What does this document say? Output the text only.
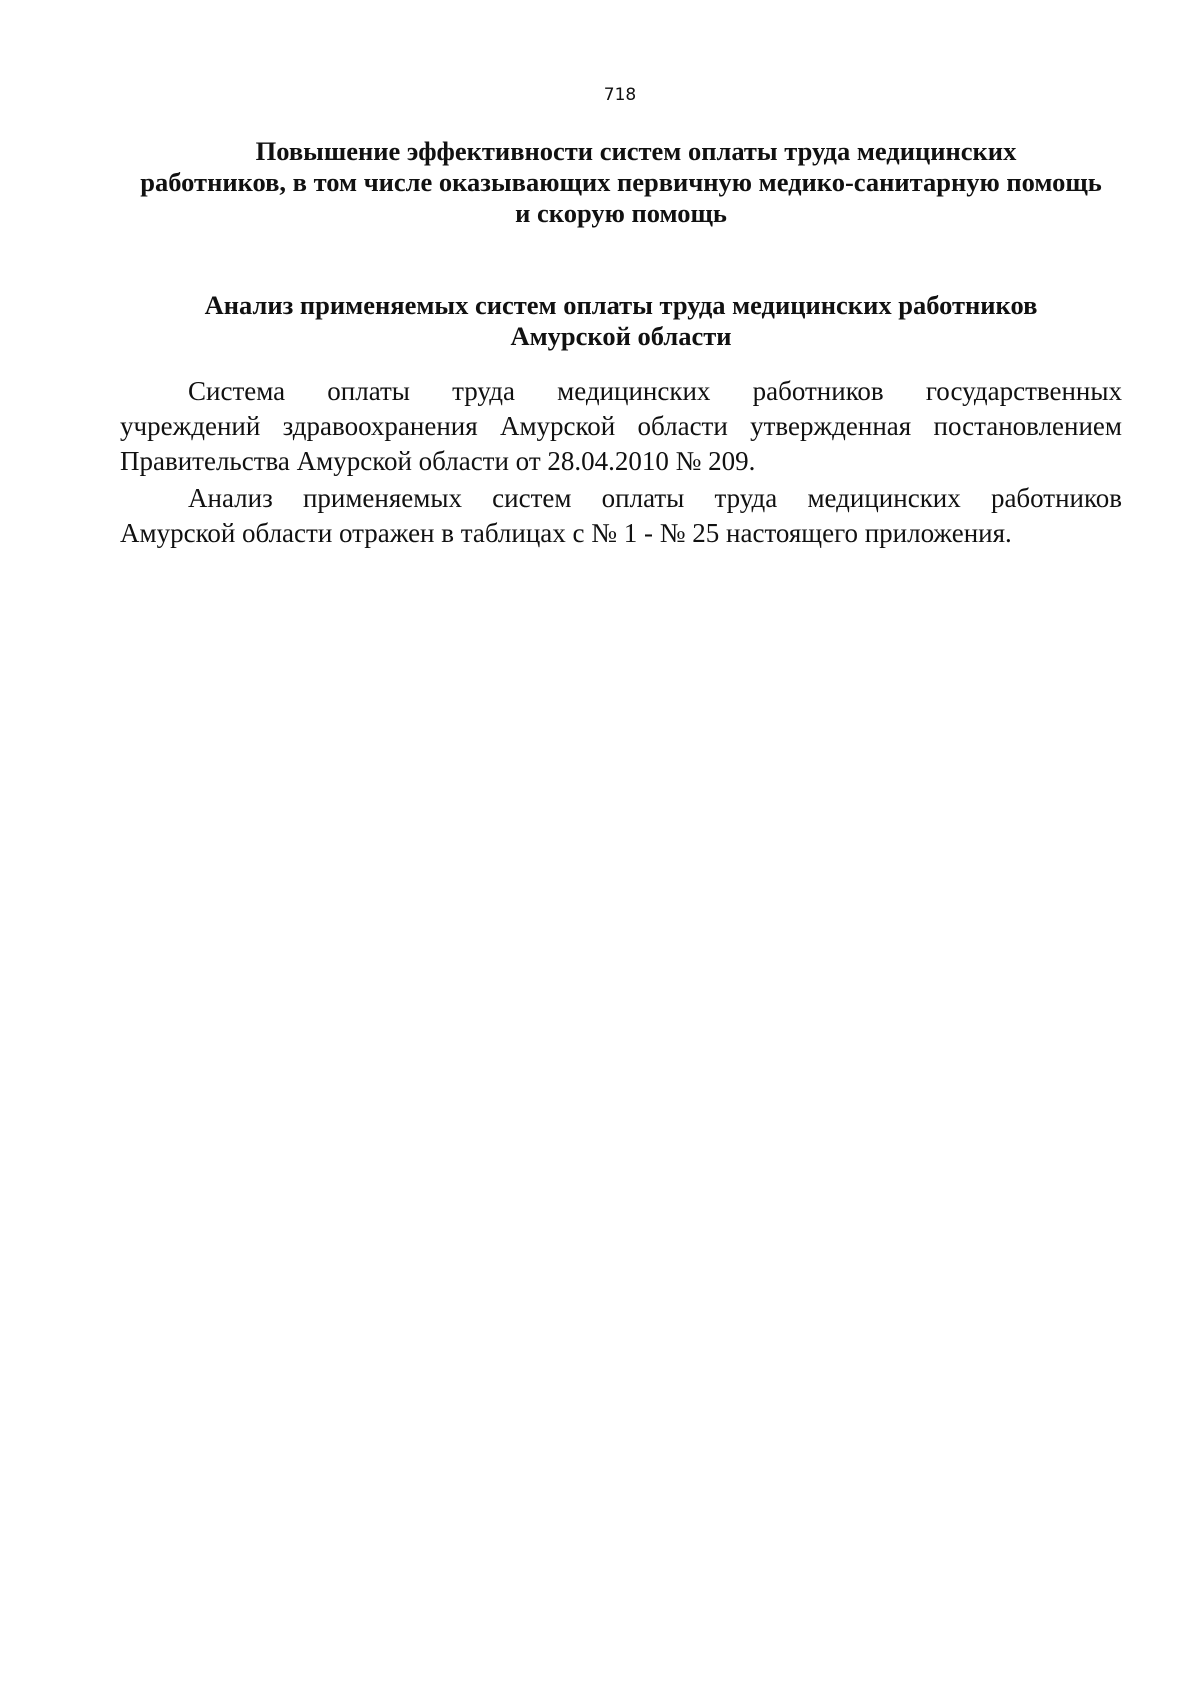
718
Повышение эффективности систем оплаты труда медицинских
работников, в том числе оказывающих первичную медико-санитарную помощь
и скорую помощь
Анализ применяемых систем оплаты труда медицинских работников
Амурской области

Система оплаты труда медицинских работников государственных
учреждений здравоохранения Амурской области утвержденная постановлением
Правительства Амурской области от 28.04.2010 № 209.

Анализ применяемых систем оплаты труда медицинских работников
Амурской области отражен в таблицах с № 1 - № 25 настоящего приложения.
